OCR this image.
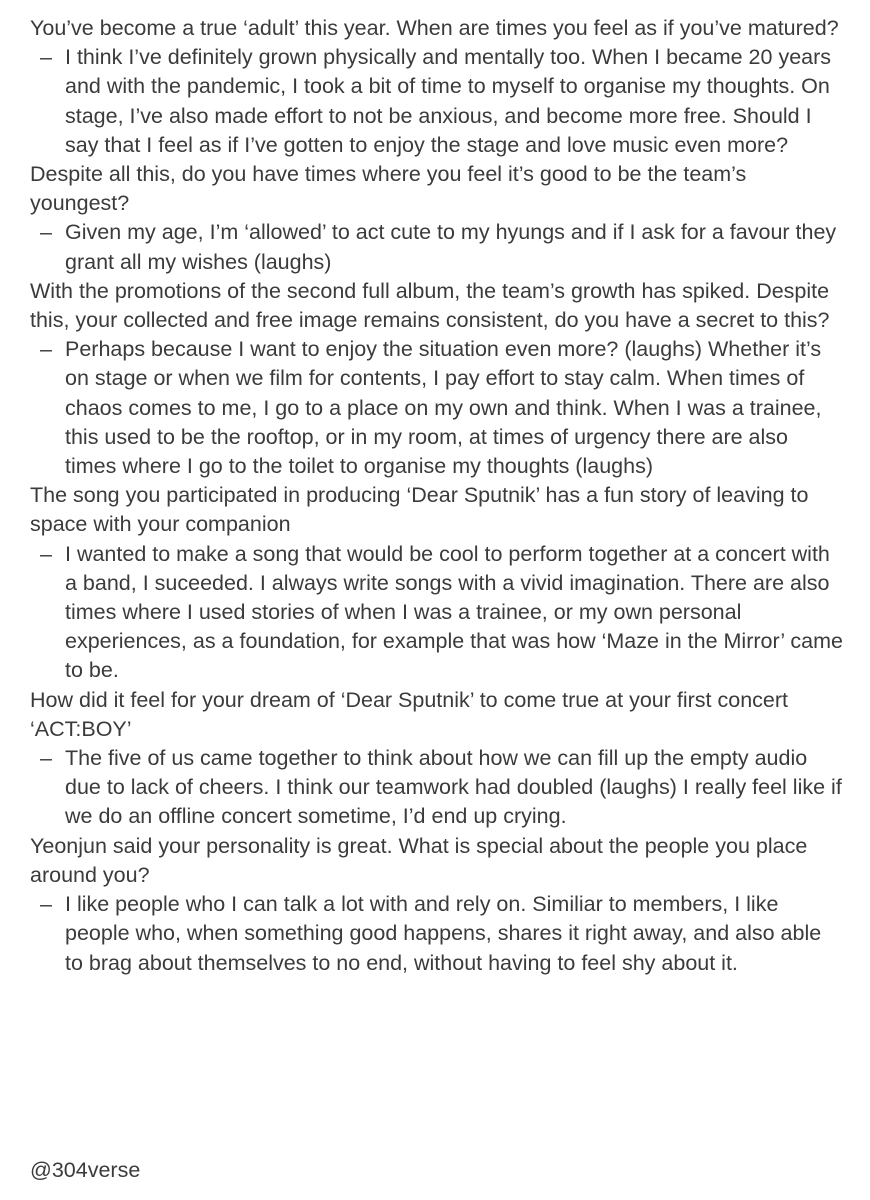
You’ve become a true ‘adult’ this year. When are times you feel as if you’ve matured?

– I think I’ve definitely grown physically and mentally too. When I became 20 years and with the pandemic, I took a bit of time to myself to organise my thoughts. On stage, I’ve also made effort to not be anxious, and become more free. Should I say that I feel as if I’ve gotten to enjoy the stage and love music even more?

Despite all this, do you have times where you feel it’s good to be the team’s youngest?

– Given my age, I’m ‘allowed’ to act cute to my hyungs and if I ask for a favour they grant all my wishes (laughs)

With the promotions of the second full album, the team’s growth has spiked. Despite this, your collected and free image remains consistent, do you have a secret to this?

– Perhaps because I want to enjoy the situation even more? (laughs) Whether it’s on stage or when we film for contents, I pay effort to stay calm. When times of chaos comes to me, I go to a place on my own and think. When I was a trainee, this used to be the rooftop, or in my room, at times of urgency there are also times where I go to the toilet to organise my thoughts (laughs)

The song you participated in producing ‘Dear Sputnik’ has a fun story of leaving to space with your companion

– I wanted to make a song that would be cool to perform together at a concert with a band, I suceeded. I always write songs with a vivid imagination. There are also times where I used stories of when I was a trainee, or my own personal experiences, as a foundation, for example that was how ‘Maze in the Mirror’ came to be.

How did it feel for your dream of ‘Dear Sputnik’ to come true at your first concert ‘ACT:BOY’

– The five of us came together to think about how we can fill up the empty audio due to lack of cheers. I think our teamwork had doubled (laughs) I really feel like if we do an offline concert sometime, I’d end up crying.

Yeonjun said your personality is great. What is special about the people you place around you?

– I like people who I can talk a lot with and rely on. Similiar to members, I like people who, when something good happens, shares it right away, and also able to brag about themselves to no end, without having to feel shy about it.

@304verse
